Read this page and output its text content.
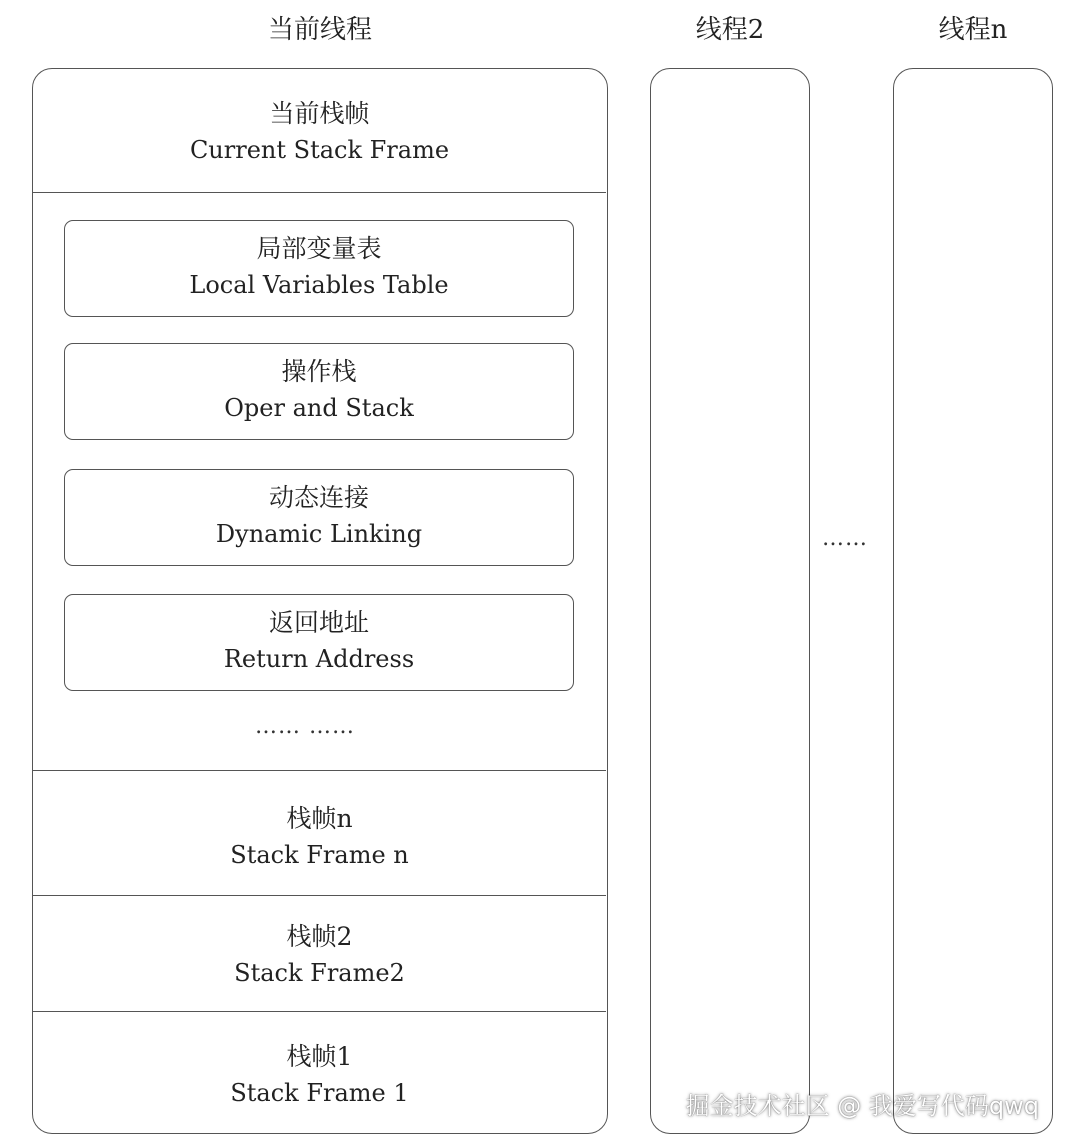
当前线程	线程2	线程n
当前栈帧
Current Stack Frame
局部变量表
Local Variables Table
操作栈
Oper and Stack
动态连接
Dynamic Linking
返回地址
Return Address
…… ……
栈帧n
Stack Frame n
栈帧2
Stack Frame2
栈帧1
Stack Frame 1
……
掘金技术社区 @ 我爱写代码qwq
